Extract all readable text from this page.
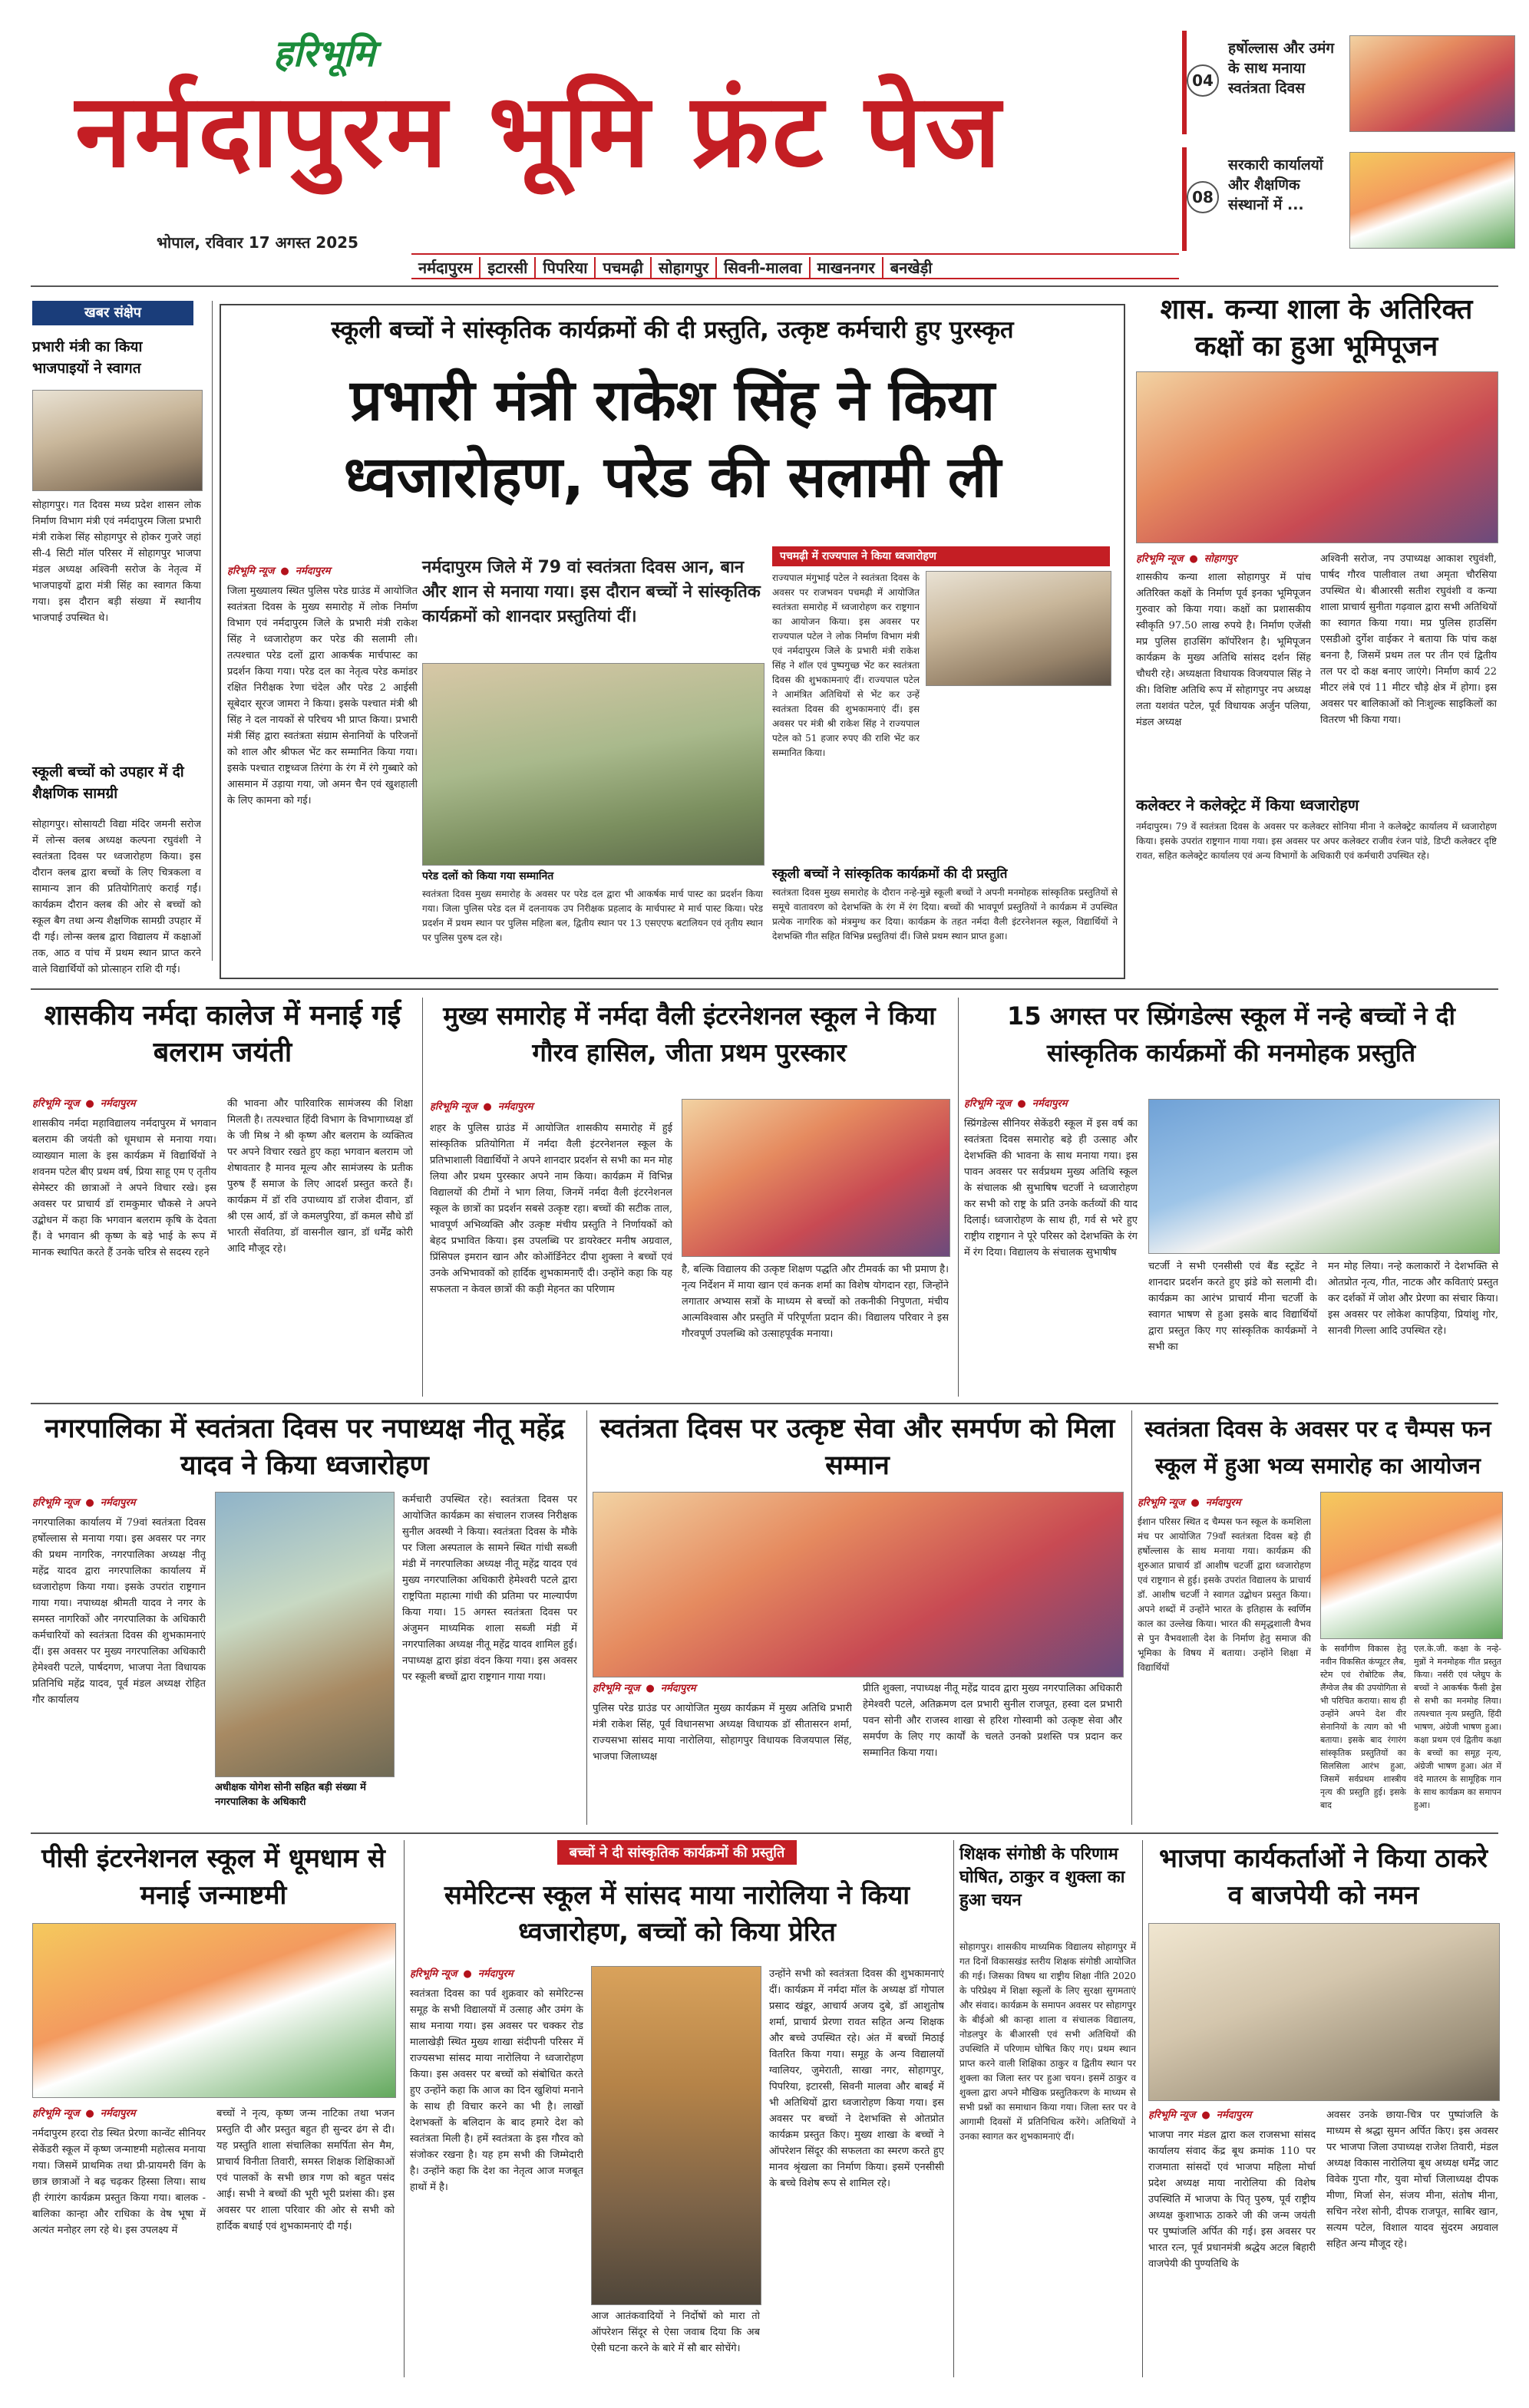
हरिभूमि
नर्मदापुरम भूमि फ्रंट पेज
भोपाल, रविवार 17 अगस्त 2025
04
हर्षोल्लास और उमंग के साथ मनाया स्वतंत्रता दिवस
08
सरकारी कार्यालयों और शैक्षणिक संस्थानों में ...
नर्मदापुरम इटारसी पिपरिया पचमढ़ी सोहागपुर सिवनी-मालवा माखननगर बनखेड़ी
खबर संक्षेप
प्रभारी मंत्री का किया भाजपाइयों ने स्वागत

सोहागपुर। गत दिवस मध्य प्रदेश शासन लोक निर्माण विभाग मंत्री एवं नर्मदापुरम जिला प्रभारी मंत्री राकेश सिंह सोहागपुर से होकर गुजरे जहां सी-4 सिटी मॉल परिसर में सोहागपुर भाजपा मंडल अध्यक्ष अश्विनी सरोज के नेतृत्व में भाजपाइयों द्वारा मंत्री सिंह का स्वागत किया गया। इस दौरान बड़ी संख्या में स्थानीय भाजपाई उपस्थित थे।

स्कूली बच्चों को उपहार में दी शैक्षणिक सामग्री

सोहागपुर। सोसायटी विद्या मंदिर जमनी सरोज में लोन्स क्लब अध्यक्ष कल्पना रघुवंशी ने स्वतंत्रता दिवस पर ध्वजारोहण किया। इस दौरान क्लब द्वारा बच्चों के लिए चित्रकला व सामान्य ज्ञान की प्रतियोगिताएं कराई गईं। कार्यक्रम दौरान क्लब की ओर से बच्चों को स्कूल बैग तथा अन्य शैक्षणिक सामग्री उपहार में दी गई। लोन्स क्लब द्वारा विद्यालय में कक्षाओं तक, आठ व पांच में प्रथम स्थान प्राप्त करने वाले विद्यार्थियों को प्रोत्साहन राशि दी गई।

स्कूली बच्चों ने सांस्कृतिक कार्यक्रमों की दी प्रस्तुति, उत्कृष्ट कर्मचारी हुए पुरस्कृत
प्रभारी मंत्री राकेश सिंह ने किया ध्वजारोहण, परेड की सलामी ली
नर्मदापुरम जिले में 79 वां स्वतंत्रता दिवस आन, बान और शान से मनाया गया। इस दौरान बच्चों ने सांस्कृतिक कार्यक्रमों को शानदार प्रस्तुतियां दीं।
हरिभूमि न्यूज ● नर्मदापुरम

जिला मुख्यालय स्थित पुलिस परेड ग्राउंड में आयोजित स्वतंत्रता दिवस के मुख्य समारोह में लोक निर्माण विभाग एवं नर्मदापुरम जिले के प्रभारी मंत्री राकेश सिंह ने ध्वजारोहण कर परेड की सलामी ली। तत्पश्चात परेड दलों द्वारा आकर्षक मार्चपास्ट का प्रदर्शन किया गया। परेड दल का नेतृत्व परेड कमांडर रक्षित निरीक्षक रेणा चंदेल और परेड 2 आईसी सूबेदार सूरज जामरा ने किया। इसके पश्चात मंत्री श्री सिंह ने दल नायकों से परिचय भी प्राप्त किया। प्रभारी मंत्री सिंह द्वारा स्वतंत्रता संग्राम सेनानियों के परिजनों को शाल और श्रीफल भेंट कर सम्मानित किया गया। इसके पश्चात राष्ट्रध्वज तिरंगा के रंग में रंगे गुब्बारे को आसमान में उड़ाया गया, जो अमन चैन एवं खुशहाली के लिए कामना को गई।

परेड दलों को किया गया सम्मानित

स्वतंत्रता दिवस मुख्य समारोह के अवसर पर परेड दल द्वारा भी आकर्षक मार्च पास्ट का प्रदर्शन किया गया। जिला पुलिस परेड दल में दलनायक उप निरीक्षक प्रहलाद के मार्चपास्ट मे मार्च पास्ट किया। परेड प्रदर्शन में प्रथम स्थान पर पुलिस महिला बल, द्वितीय स्थान पर 13 एसएएफ बटालियन एवं तृतीय स्थान पर पुलिस पुरुष दल रहे।

पचमढ़ी में राज्यपाल ने किया ध्वजारोहण

राज्यपाल मंगुभाई पटेल ने स्वतंत्रता दिवस के अवसर पर राजभवन पचमढ़ी में आयोजित स्वतंत्रता समारोह में ध्वजारोहण कर राष्ट्रगान का आयोजन किया। इस अवसर पर राज्यपाल पटेल ने लोक निर्माण विभाग मंत्री एवं नर्मदापुरम जिले के प्रभारी मंत्री राकेश सिंह ने शॉल एवं पुष्पगुच्छ भेंट कर स्वतंत्रता दिवस की शुभकामनाएं दीं। राज्यपाल पटेल ने आमंत्रित अतिथियों से भेंट कर उन्हें स्वतंत्रता दिवस की शुभकामनाएं दीं। इस अवसर पर मंत्री श्री राकेश सिंह ने राज्यपाल पटेल को 51 हजार रुपए की राशि भेंट कर सम्मानित किया।

स्कूली बच्चों ने सांस्कृतिक कार्यक्रमों की दी प्रस्तुति

स्वतंत्रता दिवस मुख्य समारोह के दौरान नन्हे-मुन्ने स्कूली बच्चों ने अपनी मनमोहक सांस्कृतिक प्रस्तुतियों से समूचे वातावरण को देशभक्ति के रंग में रंग दिया। बच्चों की भावपूर्ण प्रस्तुतियों ने कार्यक्रम में उपस्थित प्रत्येक नागरिक को मंत्रमुग्ध कर दिया। कार्यक्रम के तहत नर्मदा वैली इंटरनेशनल स्कूल, विद्यार्थियों ने देशभक्ति गीत सहित विभिन्न प्रस्तुतियां दीं। जिसे प्रथम स्थान प्राप्त हुआ।

शास. कन्या शाला के अतिरिक्त कक्षों का हुआ भूमिपूजन
हरिभूमि न्यूज ● सोहागपुर

शासकीय कन्या शाला सोहागपुर में पांच अतिरिक्त कक्षों के निर्माण पूर्व इनका भूमिपूजन गुरुवार को किया गया। कक्षों का प्रशासकीय स्वीकृति 97.50 लाख रुपये है। निर्माण एजेंसी मप्र पुलिस हाउसिंग कॉर्पोरेशन है। भूमिपूजन कार्यक्रम के मुख्य अतिथि सांसद दर्शन सिंह चौधरी रहे। अध्यक्षता विधायक विजयपाल सिंह ने की। विशिष्ट अतिथि रूप में सोहागपुर नप अध्यक्ष लता यशवंत पटेल, पूर्व विधायक अर्जुन पलिया, मंडल अध्यक्ष

अश्विनी सरोज, नप उपाध्यक्ष आकाश रघुवंशी, पार्षद गौरव पालीवाल तथा अमृता चौरसिया उपस्थित थे। बीआरसी सतीश रघुवंशी व कन्या शाला प्राचार्य सुनीता गढ़वाल द्वारा सभी अतिथियों का स्वागत किया गया। मप्र पुलिस हाउसिंग एसडीओ दुर्गेश वाईकर ने बताया कि पांच कक्ष बनना है, जिसमें प्रथम तल पर तीन एवं द्वितीय तल पर दो कक्ष बनाए जाएंगे। निर्माण कार्य 22 मीटर लंबे एवं 11 मीटर चौड़े क्षेत्र में होगा। इस अवसर पर बालिकाओं को निःशुल्क साइकिलों का वितरण भी किया गया।

कलेक्टर ने कलेक्ट्रेट में किया ध्वजारोहण

नर्मदापुरम। 79 वें स्वतंत्रता दिवस के अवसर पर कलेक्टर सोनिया मीना ने कलेक्ट्रेट कार्यालय में ध्वजारोहण किया। इसके उपरांत राष्ट्रगान गाया गया। इस अवसर पर अपर कलेक्टर राजीव रंजन पांडे, डिप्टी कलेक्टर दृष्टि रावत, सहित कलेक्ट्रेट कार्यालय एवं अन्य विभागों के अधिकारी एवं कर्मचारी उपस्थित रहे।

शासकीय नर्मदा कालेज में मनाई गई बलराम जयंती
हरिभूमि न्यूज ● नर्मदापुरम

शासकीय नर्मदा महाविद्यालय नर्मदापुरम में भगवान बलराम की जयंती को धूमधाम से मनाया गया। व्याख्यान माला के इस कार्यक्रम में विद्यार्थियों ने शवनम पटेल बीए प्रथम वर्ष, प्रिया साहू एम ए तृतीय सेमेस्टर की छात्राओं ने अपने विचार रखे। इस अवसर पर प्राचार्य डॉ रामकुमार चौकसे ने अपने उद्बोधन में कहा कि भगवान बलराम कृषि के देवता हैं। वे भगवान श्री कृष्ण के बड़े भाई के रूप में मानक स्थापित करते हैं उनके चरित्र से सदस्य रहने

की भावना और पारिवारिक सामंजस्य की शिक्षा मिलती है। तत्पश्चात हिंदी विभाग के विभागाध्यक्ष डॉ के जी मिश्र ने श्री कृष्ण और बलराम के व्यक्तित्व पर अपने विचार रखते हुए कहा भगवान बलराम जो शेषावतार है मानव मूल्य और सामंजस्य के प्रतीक पुरुष हैं समाज के लिए आदर्श प्रस्तुत करते हैं। कार्यक्रम में डॉ रवि उपाध्याय डॉ राजेश दीवान, डॉ श्री एस आर्य, डॉ जे कमलपुरिया, डॉ कमल सौधे डॉ भारती सेंवतिया, डॉ वासनील खान, डॉ धर्मेंद्र कोरी आदि मौजूद रहे।

मुख्य समारोह में नर्मदा वैली इंटरनेशनल स्कूल ने किया गौरव हासिल, जीता प्रथम पुरस्कार
हरिभूमि न्यूज ● नर्मदापुरम

शहर के पुलिस ग्राउंड में आयोजित शासकीय समारोह में हुई सांस्कृतिक प्रतियोगिता में नर्मदा वैली इंटरनेशनल स्कूल के प्रतिभाशाली विद्यार्थियों ने अपने शानदार प्रदर्शन से सभी का मन मोह लिया और प्रथम पुरस्कार अपने नाम किया। कार्यक्रम में विभिन्न विद्यालयों की टीमों ने भाग लिया, जिनमें नर्मदा वैली इंटरनेशनल स्कूल के छात्रों का प्रदर्शन सबसे उत्कृष्ट रहा। बच्चों की सटीक ताल, भावपूर्ण अभिव्यक्ति और उत्कृष्ट मंचीय प्रस्तुति ने निर्णायकों को बेहद प्रभावित किया। इस उपलब्धि पर डायरेक्टर मनीष अग्रवाल, प्रिंसिपल इमरान खान और कोऑर्डिनेटर दीपा शुक्ला ने बच्चों एवं उनके अभिभावकों को हार्दिक शुभकामनाएँ दी। उन्होंने कहा कि यह सफलता न केवल छात्रों की कड़ी मेहनत का परिणाम

है, बल्कि विद्यालय की उत्कृष्ट शिक्षण पद्धति और टीमवर्क का भी प्रमाण है। नृत्य निर्देशन में माया खान एवं कनक शर्मा का विशेष योगदान रहा, जिन्होंने लगातार अभ्यास सत्रों के माध्यम से बच्चों को तकनीकी निपुणता, मंचीय आत्मविश्वास और प्रस्तुति में परिपूर्णता प्रदान की। विद्यालय परिवार ने इस गौरवपूर्ण उपलब्धि को उत्साहपूर्वक मनाया।

15 अगस्त पर स्प्रिंगडेल्स स्कूल में नन्हे बच्चों ने दी सांस्कृतिक कार्यक्रमों की मनमोहक प्रस्तुति
हरिभूमि न्यूज ● नर्मदापुरम

स्प्रिंगडेल्स सीनियर सेकेंडरी स्कूल में इस वर्ष का स्वतंत्रता दिवस समारोह बड़े ही उत्साह और देशभक्ति की भावना के साथ मनाया गया। इस पावन अवसर पर सर्वप्रथम मुख्य अतिथि स्कूल के संचालक श्री सुभाषिष चटर्जी ने ध्वजारोहण कर सभी को राष्ट्र के प्रति उनके कर्तव्यों की याद दिलाई। ध्वजारोहण के साथ ही, गर्व से भरे हुए राष्ट्रीय राष्ट्रगान ने पूरे परिसर को देशभक्ति के रंग में रंग दिया। विद्यालय के संचालक सुभाषीष

चटर्जी ने सभी एनसीसी एवं बैंड स्टूडेंट ने शानदार प्रदर्शन करते हुए झंडे को सलामी दी। कार्यक्रम का आरंभ प्राचार्य मीना चटर्जी के स्वागत भाषण से हुआ इसके बाद विद्यार्थियों द्वारा प्रस्तुत किए गए सांस्कृतिक कार्यक्रमों ने सभी का

मन मोह लिया। नन्हे कलाकारों ने देशभक्ति से ओतप्रोत नृत्य, गीत, नाटक और कविताएं प्रस्तुत कर दर्शकों में जोश और प्रेरणा का संचार किया। इस अवसर पर लोकेश कापड़िया, प्रियांशु गोर, सानवी गिल्ला आदि उपस्थित रहे।

नगरपालिका में स्वतंत्रता दिवस पर नपाध्यक्ष नीतू महेंद्र यादव ने किया ध्वजारोहण
हरिभूमि न्यूज ● नर्मदापुरम

नगरपालिका कार्यालय में 79वां स्वतंत्रता दिवस हर्षोल्लास से मनाया गया। इस अवसर पर नगर की प्रथम नागरिक, नगरपालिका अध्यक्ष नीतू महेंद्र यादव द्वारा नगरपालिका कार्यालय में ध्वजारोहण किया गया। इसके उपरांत राष्ट्रगान गाया गया। नपाध्यक्ष श्रीमती यादव ने नगर के समस्त नागरिकों और नगरपालिका के अधिकारी कर्मचारियों को स्वतंत्रता दिवस की शुभकामनाएं दीं। इस अवसर पर मुख्य नगरपालिका अधिकारी हेमेश्वरी पटले, पार्षदगण, भाजपा नेता विधायक प्रतिनिधि महेंद्र यादव, पूर्व मंडल अध्यक्ष रोहित गौर कार्यालय

अधीक्षक योगेश सोनी सहित बड़ी संख्या में नगरपालिका के अधिकारी

कर्मचारी उपस्थित रहे। स्वतंत्रता दिवस पर आयोजित कार्यक्रम का संचालन राजस्व निरीक्षक सुनील अवस्थी ने किया। स्वतंत्रता दिवस के मौके पर जिला अस्पताल के सामने स्थित गांधी सब्जी मंडी में नगरपालिका अध्यक्ष नीतू महेंद्र यादव एवं मुख्य नगरपालिका अधिकारी हेमेश्वरी पटले द्वारा राष्ट्रपिता महात्मा गांधी की प्रतिमा पर माल्यार्पण किया गया। 15 अगस्त स्वतंत्रता दिवस पर अंजुमन माध्यमिक शाला सब्जी मंडी में नगरपालिका अध्यक्ष नीतू महेंद्र यादव शामिल हुई। नपाध्यक्ष द्वारा झंडा वंदन किया गया। इस अवसर पर स्कूली बच्चों द्वारा राष्ट्रगान गाया गया।

स्वतंत्रता दिवस पर उत्कृष्ट सेवा और समर्पण को मिला सम्मान
हरिभूमि न्यूज ● नर्मदापुरम

पुलिस परेड ग्राउंड पर आयोजित मुख्य कार्यक्रम में मुख्य अतिथि प्रभारी मंत्री राकेश सिंह, पूर्व विधानसभा अध्यक्ष विधायक डॉ सीतासरन शर्मा, राज्यसभा सांसद माया नारोलिया, सोहागपुर विधायक विजयपाल सिंह, भाजपा जिलाध्यक्ष

प्रीति शुक्ला, नपाध्यक्ष नीतू महेंद्र यादव द्वारा मुख्य नगरपालिका अधिकारी हेमेश्वरी पटले, अतिक्रमण दल प्रभारी सुनील राजपूत, हस्वा दल प्रभारी पवन सोनी और राजस्व शाखा से हरिश गोस्वामी को उत्कृष्ट सेवा और समर्पण के लिए गए कार्यों के चलते उनको प्रशस्ति पत्र प्रदान कर सम्मानित किया गया।

स्वतंत्रता दिवस के अवसर पर द चैम्पस फन स्कूल में हुआ भव्य समारोह का आयोजन
हरिभूमि न्यूज ● नर्मदापुरम

ईशान परिसर स्थित द चैम्पस फन स्कूल के कमशिला मंच पर आयोजित 79वाँ स्वतंत्रता दिवस बड़े ही हर्षोल्लास के साथ मनाया गया। कार्यक्रम की शुरुआत प्राचार्य डॉ आशीष चटर्जी द्वारा ध्वजारोहण एवं राष्ट्रगान से हुई। इसके उपरांत विद्यालय के प्राचार्य डॉ. आशीष चटर्जी ने स्वागत उद्बोधन प्रस्तुत किया। अपने शब्दों में उन्होंने भारत के इतिहास के स्वर्णिम काल का उल्लेख किया। भारत की समृद्धशाली वैभव से पुन वैभवशाली देश के निर्माण हेतु समाज की भूमिका के विषय में बताया। उन्होंने शिक्षा में विद्यार्थियों

के सर्वांगीण विकास हेतु नवीन विकसित कंप्यूटर लैब, स्टेम एवं रोबोटिक लैब, लैंग्वेज लैब की उपयोगिता से भी परिचित कराया। साथ ही उन्होंने अपने देश वीर सेनानियों के त्याग को भी बताया। इसके बाद रंगारंग सांस्कृतिक प्रस्तुतियों का सिलसिला आरंभ हुआ, जिसमें सर्वप्रथम शास्त्रीय नृत्य की प्रस्तुति हुई। इसके बाद

एल.के.जी. कक्षा के नन्हे-मुन्नों ने मनमोहक गीत प्रस्तुत किया। नर्सरी एवं प्लेग्रुप के बच्चों ने आकर्षक फैंसी ड्रेस से सभी का मनमोह लिया। तत्पश्चात नृत्य प्रस्तुति, हिंदी भाषण, अंग्रेजी भाषण हुआ। कक्षा प्रथम एवं द्वितीय कक्षा के बच्चों का समूह नृत्य, अंग्रेजी भाषण हुआ। अंत में वंदे मातरम के सामूहिक गान के साथ कार्यक्रम का समापन हुआ।

पीसी इंटरनेशनल स्कूल में धूमधाम से मनाई जन्माष्टमी
हरिभूमि न्यूज ● नर्मदापुरम

नर्मदापुरम हरदा रोड स्थित प्रेरणा कान्वेंट सीनियर सेकेंडरी स्कूल में कृष्ण जन्माष्टमी महोत्सव मनाया गया। जिसमें प्राथमिक तथा प्री-प्रायमरी विंग के छात्र छात्राओं ने बढ़ चढ़कर हिस्सा लिया। साथ ही रंगारंग कार्यक्रम प्रस्तुत किया गया। बालक - बालिका कान्हा और राधिका के वेष भूषा में अत्यंत मनोहर लग रहे थे। इस उपलक्ष्य में

बच्चों ने नृत्य, कृष्ण जन्म नाटिका तथा भजन प्रस्तुति दी और प्रस्तुत बहुत ही सुन्दर ढंग से दी। यह प्रस्तुति शाला संचालिका समर्पिता सेन मैम, प्राचार्य विनीता तिवारी, समस्त शिक्षक शिक्षिकाओं एवं पालकों के सभी छात्र गण को बहुत पसंद आई। सभी ने बच्चों की भूरी भूरी प्रशंसा की। इस अवसर पर शाला परिवार की ओर से सभी को हार्दिक बधाई एवं शुभकामनाएं दी गई।

बच्चों ने दी सांस्कृतिक कार्यक्रमों की प्रस्तुति
समेरिटन्स स्कूल में सांसद माया नारोलिया ने किया ध्वजारोहण, बच्चों को किया प्रेरित
हरिभूमि न्यूज ● नर्मदापुरम

स्वतंत्रता दिवस का पर्व शुक्रवार को समेरिटन्स समूह के सभी विद्यालयों में उत्साह और उमंग के साथ मनाया गया। इस अवसर पर चक्कर रोड मालाखेड़ी स्थित मुख्य शाखा संदीपनी परिसर में राज्यसभा सांसद माया नारोलिया ने ध्वजारोहण किया। इस अवसर पर बच्चों को संबोधित करते हुए उन्होंने कहा कि आज का दिन खुशियां मनाने के साथ ही विचार करने का भी है। लाखों देशभक्तों के बलिदान के बाद हमारे देश को स्वतंत्रता मिली है। हमें स्वतंत्रता के इस गौरव को संजोकर रखना है। यह हम सभी की जिम्मेदारी है। उन्होंने कहा कि देश का नेतृत्व आज मजबूत हाथों में है।

आज आतंकवादियों ने निर्दोषों को मारा तो ऑपरेशन सिंदूर से ऐसा जवाब दिया कि अब ऐसी घटना करने के बारे में सौ बार सोचेंगे।

उन्होंने सभी को स्वतंत्रता दिवस की शुभकामनाएं दीं। कार्यक्रम में नर्मदा मॉल के अध्यक्ष डॉ गोपाल प्रसाद खंडूर, आचार्य अजय दुबे, डॉ आशुतोष शर्मा, प्राचार्य प्रेरणा रावत सहित अन्य शिक्षक और बच्चे उपस्थित रहे। अंत में बच्चों मिठाई वितरित किया गया। समूह के अन्य विद्यालयों ग्वालियर, जुमेराती, साखा नगर, सोहागपुर, पिपरिया, इटारसी, सिवनी मालवा और बाबई में भी अतिथियों द्वारा ध्वजारोहण किया गया। इस अवसर पर बच्चों ने देशभक्ति से ओतप्रोत कार्यक्रम प्रस्तुत किए। मुख्य शाखा के बच्चों ने ऑपरेशन सिंदूर की सफलता का स्मरण करते हुए मानव श्रृंखला का निर्माण किया। इसमें एनसीसी के बच्चे विशेष रूप से शामिल रहे।

शिक्षक संगोष्ठी के परिणाम घोषित, ठाकुर व शुक्ला का हुआ चयन

सोहागपुर। शासकीय माध्यमिक विद्यालय सोहागपुर में गत दिनों विकासखंड स्तरीय शिक्षक संगोष्ठी आयोजित की गई। जिसका विषय था राष्ट्रीय शिक्षा नीति 2020 के परिप्रेक्ष्य में शिक्षा स्कूलों के लिए सुरक्षा सुगमताएं और संवाद। कार्यक्रम के समापन अवसर पर सोहागपुर के बीईओ श्री कान्हा शाला व संचालक विद्यालय, नोडलपुर के बीआरसी एवं सभी अतिथियों की उपस्थिति में परिणाम घोषित किए गए। प्रथम स्थान प्राप्त करने वाली शिक्षिका ठाकुर व द्वितीय स्थान पर शुक्ला का जिला स्तर पर हुआ चयन। इसमें ठाकुर व शुक्ला द्वारा अपने मौखिक प्रस्तुतिकरण के माध्यम से सभी प्रश्नों का समाधान किया गया। जिला स्तर पर वे आगामी दिवसों में प्रतिनिधित्व करेंगे। अतिथियों ने उनका स्वागत कर शुभकामनाएं दीं।

भाजपा कार्यकर्ताओं ने किया ठाकरे व बाजपेयी को नमन
हरिभूमि न्यूज ● नर्मदापुरम

भाजपा नगर मंडल द्वारा कल राजसभा सांसद कार्यालय संवाद केंद्र बूथ क्रमांक 110 पर राजमाता सांसदों एवं भाजपा महिला मोर्चा प्रदेश अध्यक्ष माया नारोलिया की विशेष उपस्थिति में भाजपा के पितृ पुरुष, पूर्व राष्ट्रीय अध्यक्ष कुशाभाऊ ठाकरे जी की जन्म जयंती पर पुष्पांजलि अर्पित की गई। इस अवसर पर भारत रत्न, पूर्व प्रधानमंत्री श्रद्धेय अटल बिहारी वाजपेयी की पुण्यतिथि के

अवसर उनके छाया-चित्र पर पुष्पांजलि के माध्यम से श्रद्धा सुमन अर्पित किए। इस अवसर पर भाजपा जिला उपाध्यक्ष राजेश तिवारी, मंडल अध्यक्ष विकास नारोलिया बूथ अध्यक्ष धर्मेंद्र जाट विवेक गुप्ता गौर, युवा मोर्चा जिलाध्यक्ष दीपक मीणा, मिर्जा सेन, संजय मीना, संतोष मीना, सचिन नरेश सोनी, दीपक राजपूत, साबिर खान, सत्यम पटेल, विशाल यादव सुंदरम अग्रवाल सहित अन्य मौजूद रहे।
